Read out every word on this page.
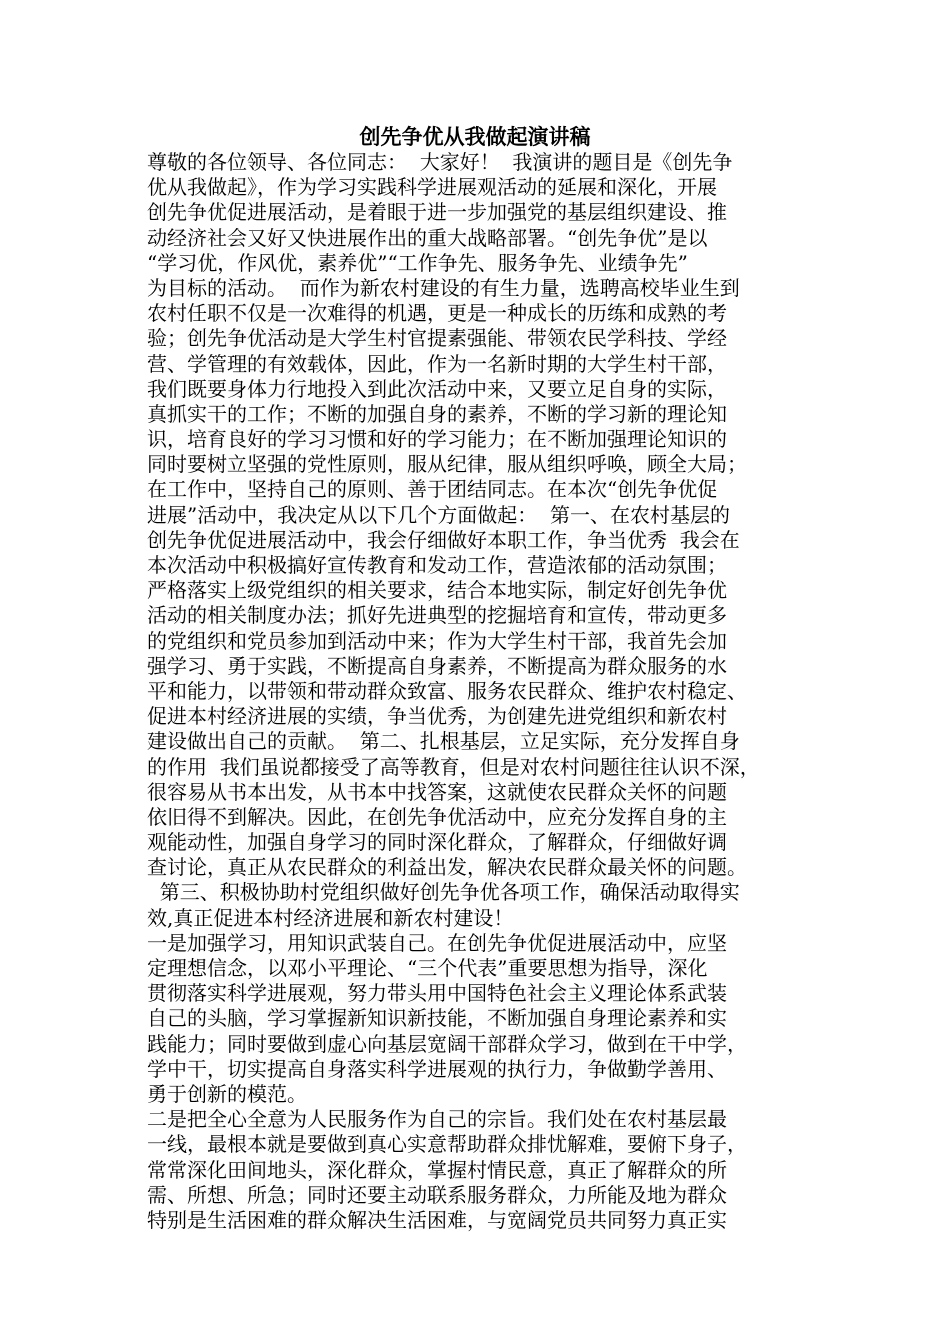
创先争优从我做起演讲稿
尊敬的各位领导、各位同志：  大家好！  我演讲的题目是《创先争
优从我做起》，作为学习实践科学进展观活动的延展和深化，开展
创先争优促进展活动，是着眼于进一步加强党的基层组织建设、推
动经济社会又好又快进展作出的重大战略部署。“创先争优”是以
“学习优，作风优，素养优”“工作争先、服务争先、业绩争先”
为目标的活动。  而作为新农村建设的有生力量，选聘高校毕业生到
农村任职不仅是一次难得的机遇，更是一种成长的历练和成熟的考
验；创先争优活动是大学生村官提素强能、带领农民学科技、学经
营、学管理的有效载体，因此，作为一名新时期的大学生村干部，
我们既要身体力行地投入到此次活动中来，又要立足自身的实际，
真抓实干的工作；不断的加强自身的素养，不断的学习新的理论知
识，培育良好的学习习惯和好的学习能力；在不断加强理论知识的
同时要树立坚强的党性原则，服从纪律，服从组织呼唤，顾全大局；
在工作中，坚持自己的原则、善于团结同志。在本次“创先争优促
进展”活动中，我决定从以下几个方面做起：  第一、在农村基层的
创先争优促进展活动中，我会仔细做好本职工作，争当优秀  我会在
本次活动中积极搞好宣传教育和发动工作，营造浓郁的活动氛围；
严格落实上级党组织的相关要求，结合本地实际，制定好创先争优
活动的相关制度办法；抓好先进典型的挖掘培育和宣传，带动更多
的党组织和党员参加到活动中来；作为大学生村干部，我首先会加
强学习、勇于实践，不断提高自身素养，不断提高为群众服务的水
平和能力，以带领和带动群众致富、服务农民群众、维护农村稳定、
促进本村经济进展的实绩，争当优秀，为创建先进党组织和新农村
建设做出自己的贡献。  第二、扎根基层，立足实际，充分发挥自身
的作用  我们虽说都接受了高等教育，但是对农村问题往往认识不深，
很容易从书本出发，从书本中找答案，这就使农民群众关怀的问题
依旧得不到解决。因此，在创先争优活动中，应充分发挥自身的主
观能动性，加强自身学习的同时深化群众，了解群众，仔细做好调
查讨论，真正从农民群众的利益出发，解决农民群众最关怀的问题。
第三、积极协助村党组织做好创先争优各项工作，确保活动取得实
效,真正促进本村经济进展和新农村建设！
一是加强学习，用知识武装自己。在创先争优促进展活动中，应坚
定理想信念，以邓小平理论、“三个代表”重要思想为指导，深化
贯彻落实科学进展观，努力带头用中国特色社会主义理论体系武装
自己的头脑，学习掌握新知识新技能，不断加强自身理论素养和实
践能力；同时要做到虚心向基层宽阔干部群众学习，做到在干中学，
学中干，切实提高自身落实科学进展观的执行力，争做勤学善用、
勇于创新的模范。
二是把全心全意为人民服务作为自己的宗旨。我们处在农村基层最
一线，最根本就是要做到真心实意帮助群众排忧解难，要俯下身子，
常常深化田间地头，深化群众，掌握村情民意，真正了解群众的所
需、所想、所急；同时还要主动联系服务群众，力所能及地为群众
特别是生活困难的群众解决生活困难，与宽阔党员共同努力真正实
